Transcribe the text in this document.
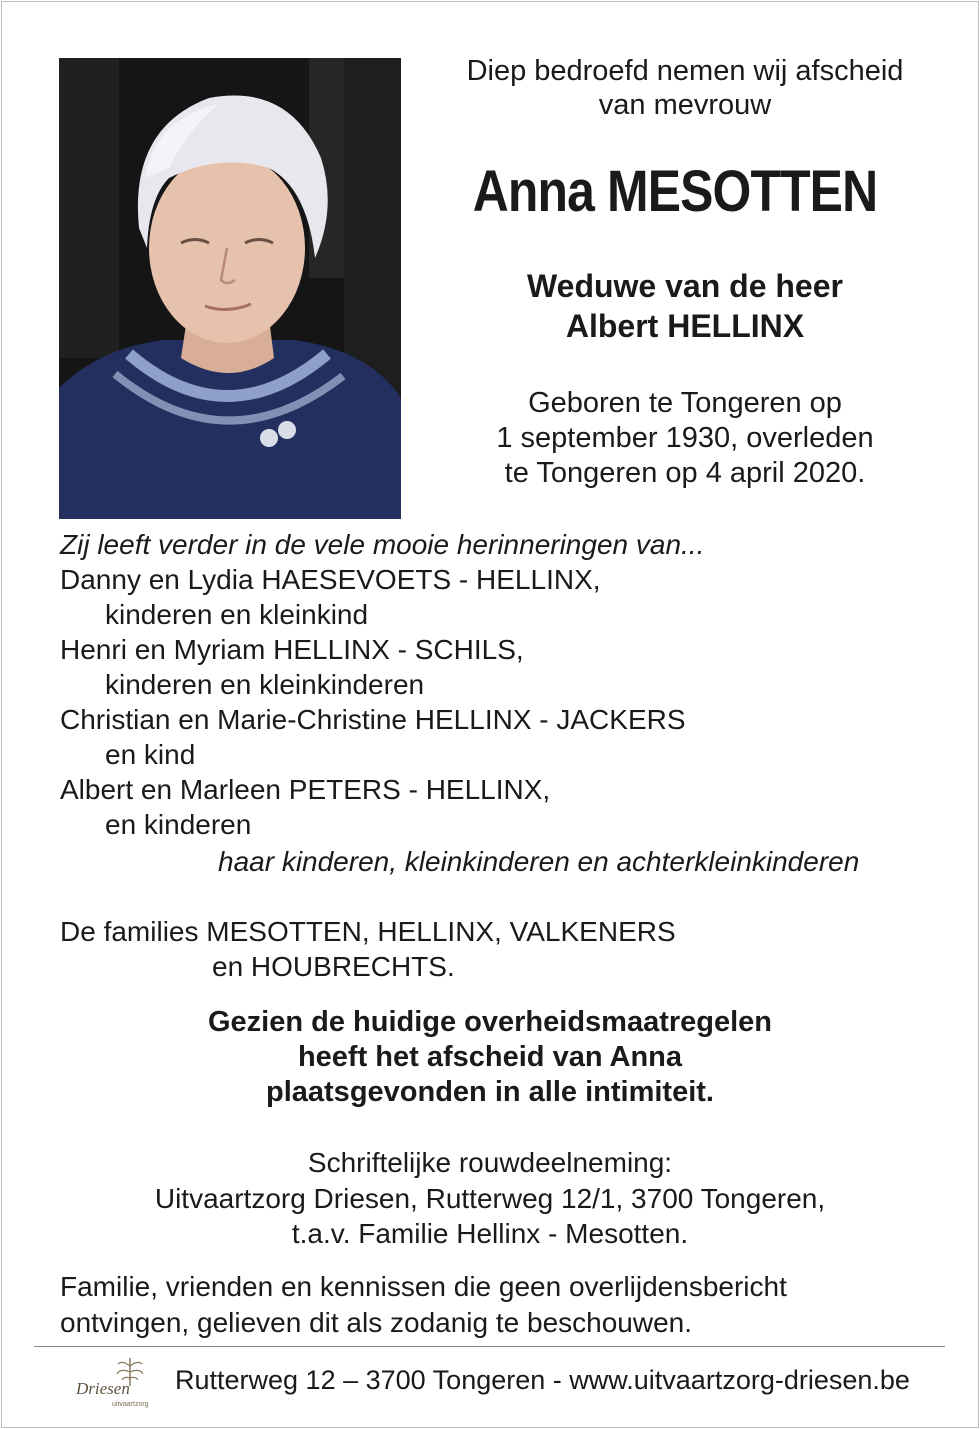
Diep bedroefd nemen wij afscheid
van mevrouw
Anna MESOTTEN
Weduwe van de heer
Albert HELLINX
Geboren te Tongeren op
1 september 1930, overleden
te Tongeren op 4 april 2020.
Zij leeft verder in de vele mooie herinneringen van...
Danny en Lydia HAESEVOETS - HELLINX,
kinderen en kleinkind
Henri en Myriam HELLINX - SCHILS,
kinderen en kleinkinderen
Christian en Marie-Christine HELLINX - JACKERS
en kind
Albert en Marleen PETERS - HELLINX,
en kinderen
haar kinderen, kleinkinderen en achterkleinkinderen
De families MESOTTEN, HELLINX, VALKENERS
en HOUBRECHTS.
Gezien de huidige overheidsmaatregelen
heeft het afscheid van Anna
plaatsgevonden in alle intimiteit.
Schriftelijke rouwdeelneming:
Uitvaartzorg Driesen, Rutterweg 12/1, 3700 Tongeren,
t.a.v. Familie Hellinx - Mesotten.
Familie, vrienden en kennissen die geen overlijdensbericht
ontvingen, gelieven dit als zodanig te beschouwen.
Driesen
uitvaartzorg
Rutterweg 12 – 3700 Tongeren - www.uitvaartzorg-driesen.be
